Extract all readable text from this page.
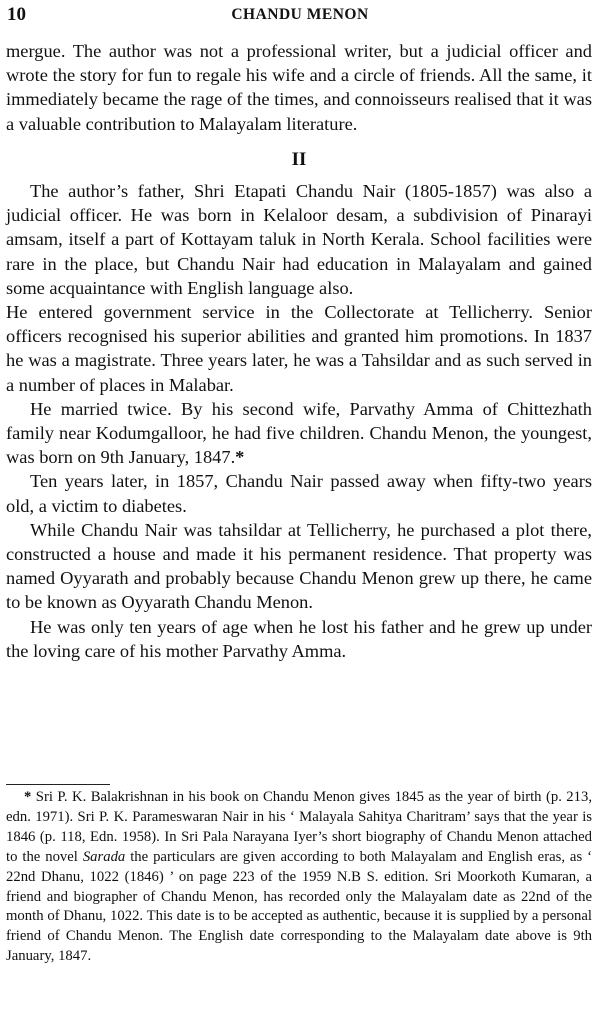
10	CHANDU MENON

mergue. The author was not a professional writer, but a judicial officer and wrote the story for fun to regale his wife and a circle of friends. All the same, it immediately became the rage of the times, and connoisseurs realised that it was a valuable contribution to Malayalam literature.

II

The author’s father, Shri Etapati Chandu Nair (1805-1857) was also a judicial officer. He was born in Kelaloor desam, a subdivision of Pinarayi amsam, itself a part of Kottayam taluk in North Kerala. School facilities were rare in the place, but Chandu Nair had education in Malayalam and gained some acquaintance with English language also.

He entered government service in the Collectorate at Tellicherry. Senior officers recognised his superior abilities and granted him promotions. In 1837 he was a magistrate. Three years later, he was a Tahsildar and as such served in a number of places in Malabar.

He married twice. By his second wife, Parvathy Amma of Chittezhath family near Kodumgalloor, he had five children. Chandu Menon, the youngest, was born on 9th January, 1847.*

Ten years later, in 1857, Chandu Nair passed away when fifty-two years old, a victim to diabetes.

While Chandu Nair was tahsildar at Tellicherry, he purchased a plot there, constructed a house and made it his permanent residence. That property was named Oyyarath and probably because Chandu Menon grew up there, he came to be known as Oyyarath Chandu Menon.

He was only ten years of age when he lost his father and he grew up under the loving care of his mother Parvathy Amma.

* Sri P. K. Balakrishnan in his book on Chandu Menon gives 1845 as the year of birth (p. 213, edn. 1971). Sri P. K. Parameswaran Nair in his ‘ Malayala Sahitya Charitram’ says that the year is 1846 (p. 118, Edn. 1958). In Sri Pala Narayana Iyer’s short biography of Chandu Menon attached to the novel Sarada the particulars are given according to both Malayalam and English eras, as ‘ 22nd Dhanu, 1022 (1846) ’ on page 223 of the 1959 N.B S. edition. Sri Moorkoth Kumaran, a friend and biographer of Chandu Menon, has recorded only the Malayalam date as 22nd of the month of Dhanu, 1022. This date is to be accepted as authentic, because it is supplied by a personal friend of Chandu Menon. The English date corresponding to the Malayalam date above is 9th January, 1847.
